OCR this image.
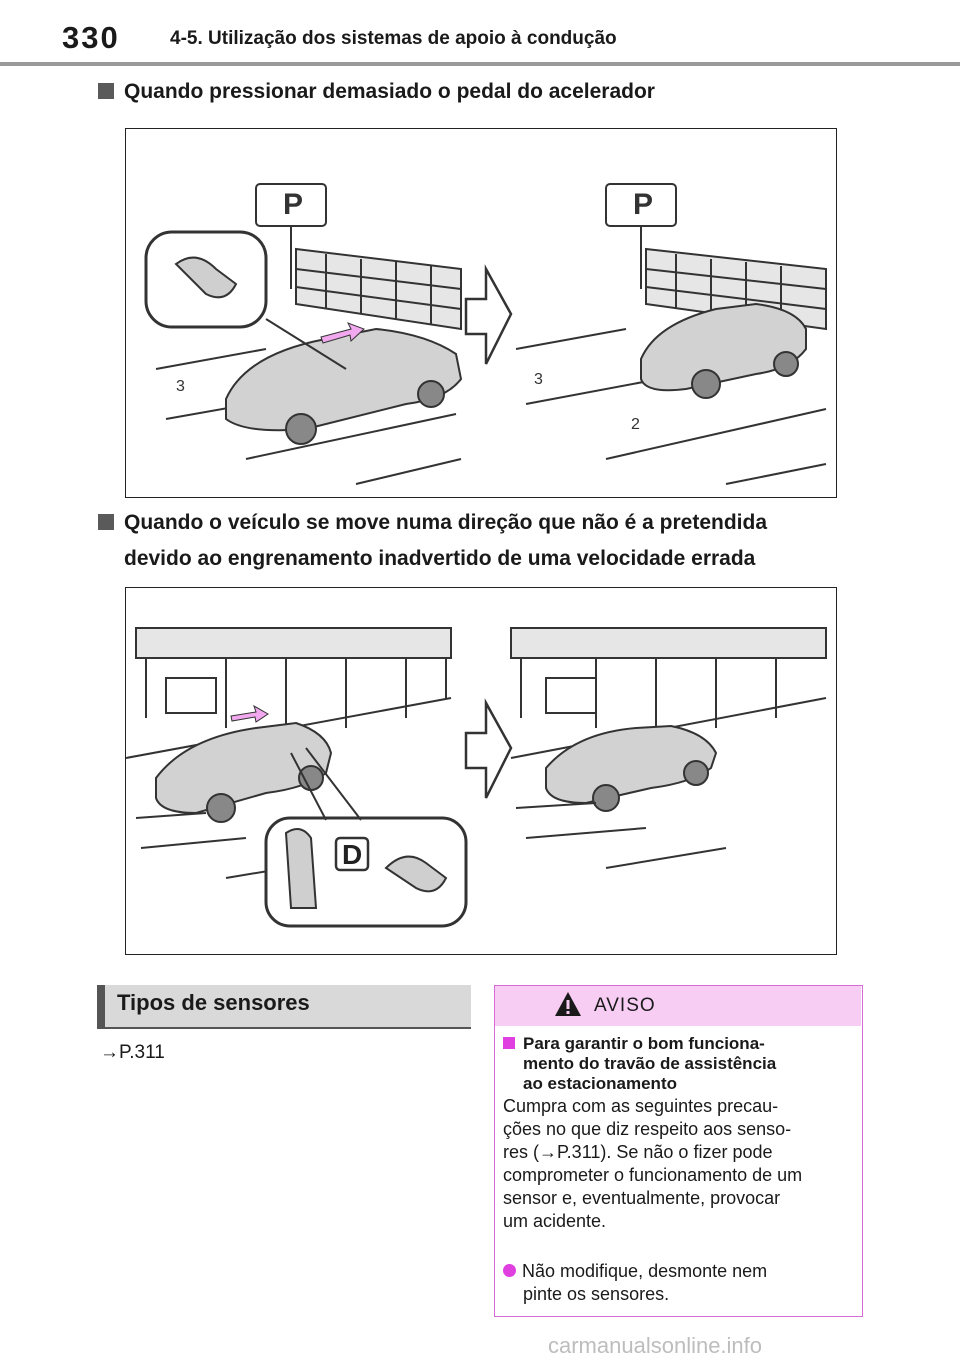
330	4-5. Utilização dos sistemas de apoio à condução
Quando pressionar demasiado o pedal do acelerador
P	P
3	3
2
Quando o veículo se move numa direção que não é a pretendida
devido ao engrenamento inadvertido de uma velocidade errada
D
Tipos de sensores
→P.311
AVISO
Para garantir o bom funciona-
mento do travão de assistência
ao estacionamento
Cumpra com as seguintes precau-
ções no que diz respeito aos senso-
res (→P.311). Se não o fizer pode
comprometer o funcionamento de um
sensor e, eventualmente, provocar
um acidente.
Não modifique, desmonte nem
pinte os sensores.
carmanualsonline.info
